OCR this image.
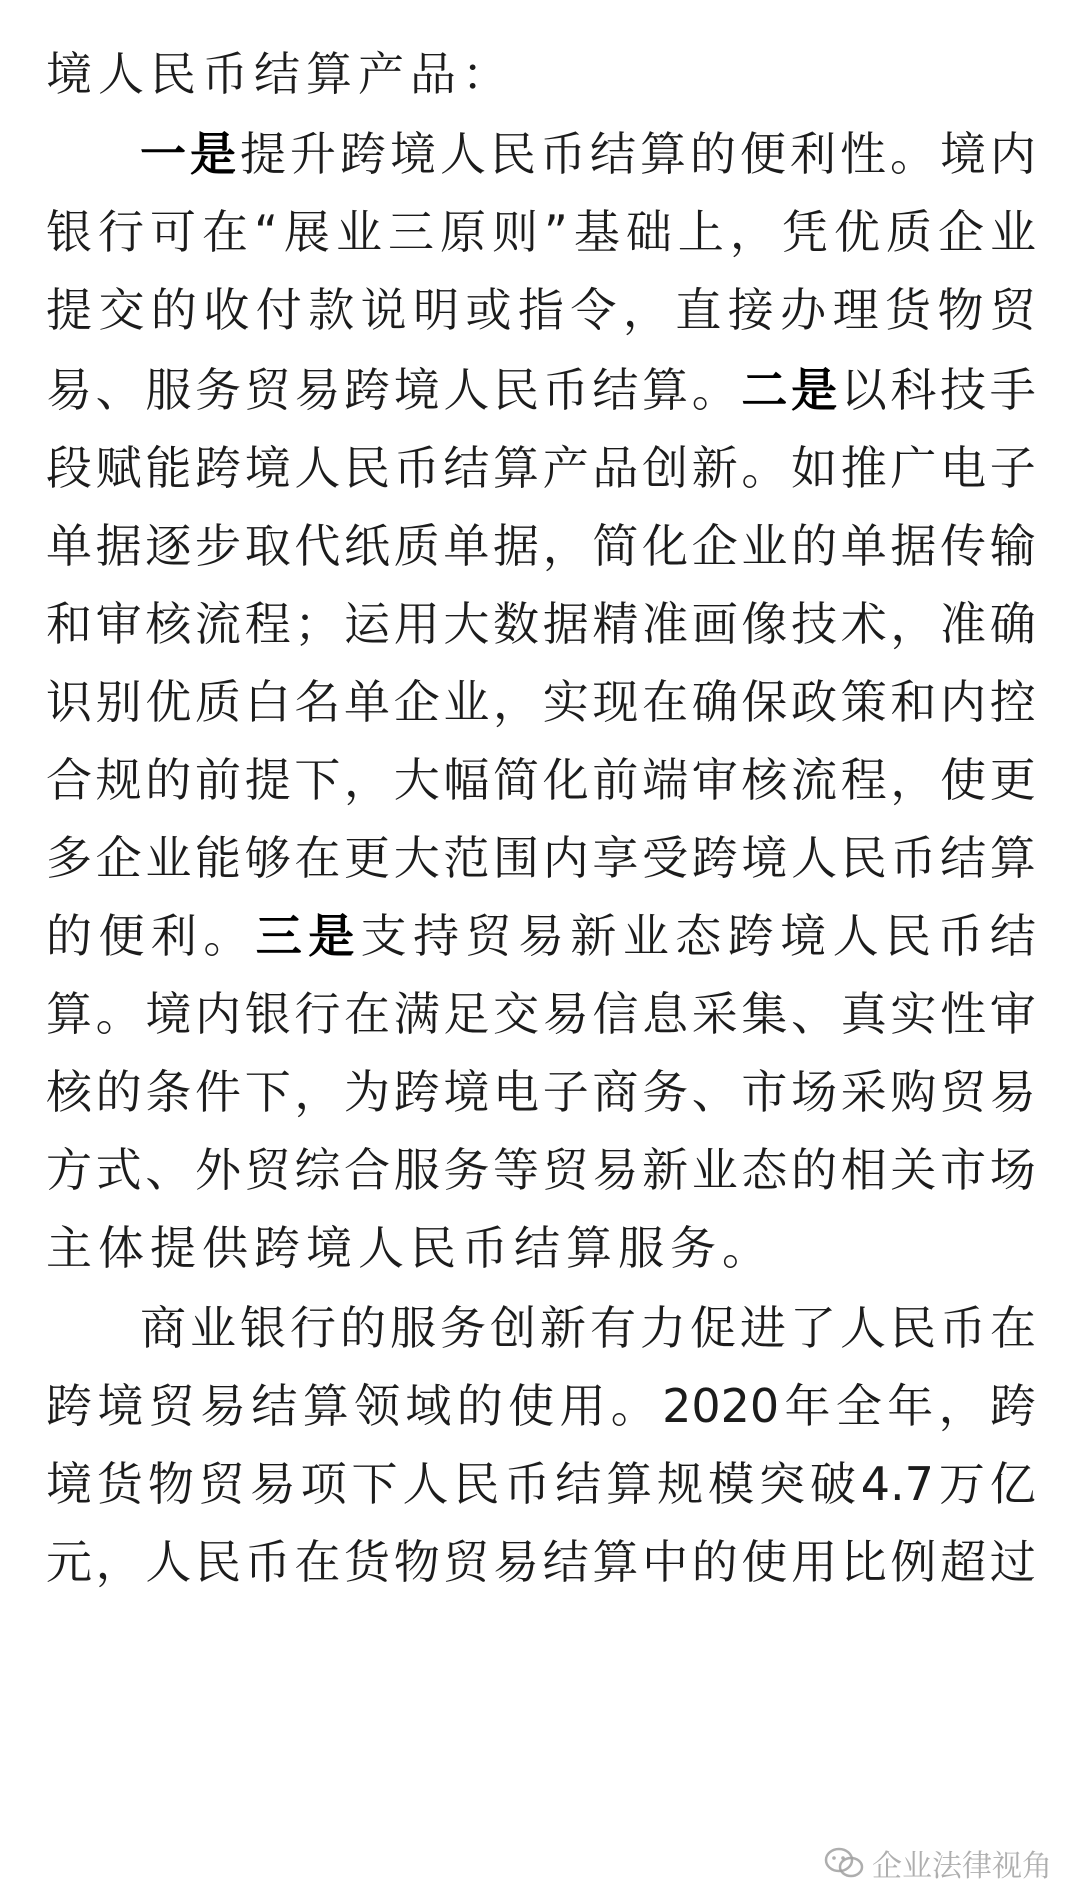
境 人 民 币 结 算 产 品 ：
一 是 提 升 跨 境 人 民 币 结 算 的 便 利 性 。 境 内
银 行 可 在 “ 展 业 三 原 则 ” 基 础 上 ， 凭 优 质 企 业
提 交 的 收 付 款 说 明 或 指 令 ， 直 接 办 理 货 物 贸
易 、 服 务 贸 易 跨 境 人 民 币 结 算 。 二 是 以 科 技 手
段 赋 能 跨 境 人 民 币 结 算 产 品 创 新 。 如 推 广 电 子
单 据 逐 步 取 代 纸 质 单 据 ， 简 化 企 业 的 单 据 传 输
和 审 核 流 程 ； 运 用 大 数 据 精 准 画 像 技 术 ， 准 确
识 别 优 质 白 名 单 企 业 ， 实 现 在 确 保 政 策 和 内 控
合 规 的 前 提 下 ， 大 幅 简 化 前 端 审 核 流 程 ， 使 更
多 企 业 能 够 在 更 大 范 围 内 享 受 跨 境 人 民 币 结 算
的 便 利 。 三 是 支 持 贸 易 新 业 态 跨 境 人 民 币 结
算 。 境 内 银 行 在 满 足 交 易 信 息 采 集 、 真 实 性 审
核 的 条 件 下 ， 为 跨 境 电 子 商 务 、 市 场 采 购 贸 易
方 式 、 外 贸 综 合 服 务 等 贸 易 新 业 态 的 相 关 市 场
主 体 提 供 跨 境 人 民 币 结 算 服 务 。
商 业 银 行 的 服 务 创 新 有 力 促 进 了 人 民 币 在
跨 境 贸 易 结 算 领 域 的 使 用 。 2020 年 全 年 ， 跨
境 货 物 贸 易 项 下 人 民 币 结 算 规 模 突 破 4.7 万 亿
元 ， 人 民 币 在 货 物 贸 易 结 算 中 的 使 用 比 例 超 过
企业法律视角
